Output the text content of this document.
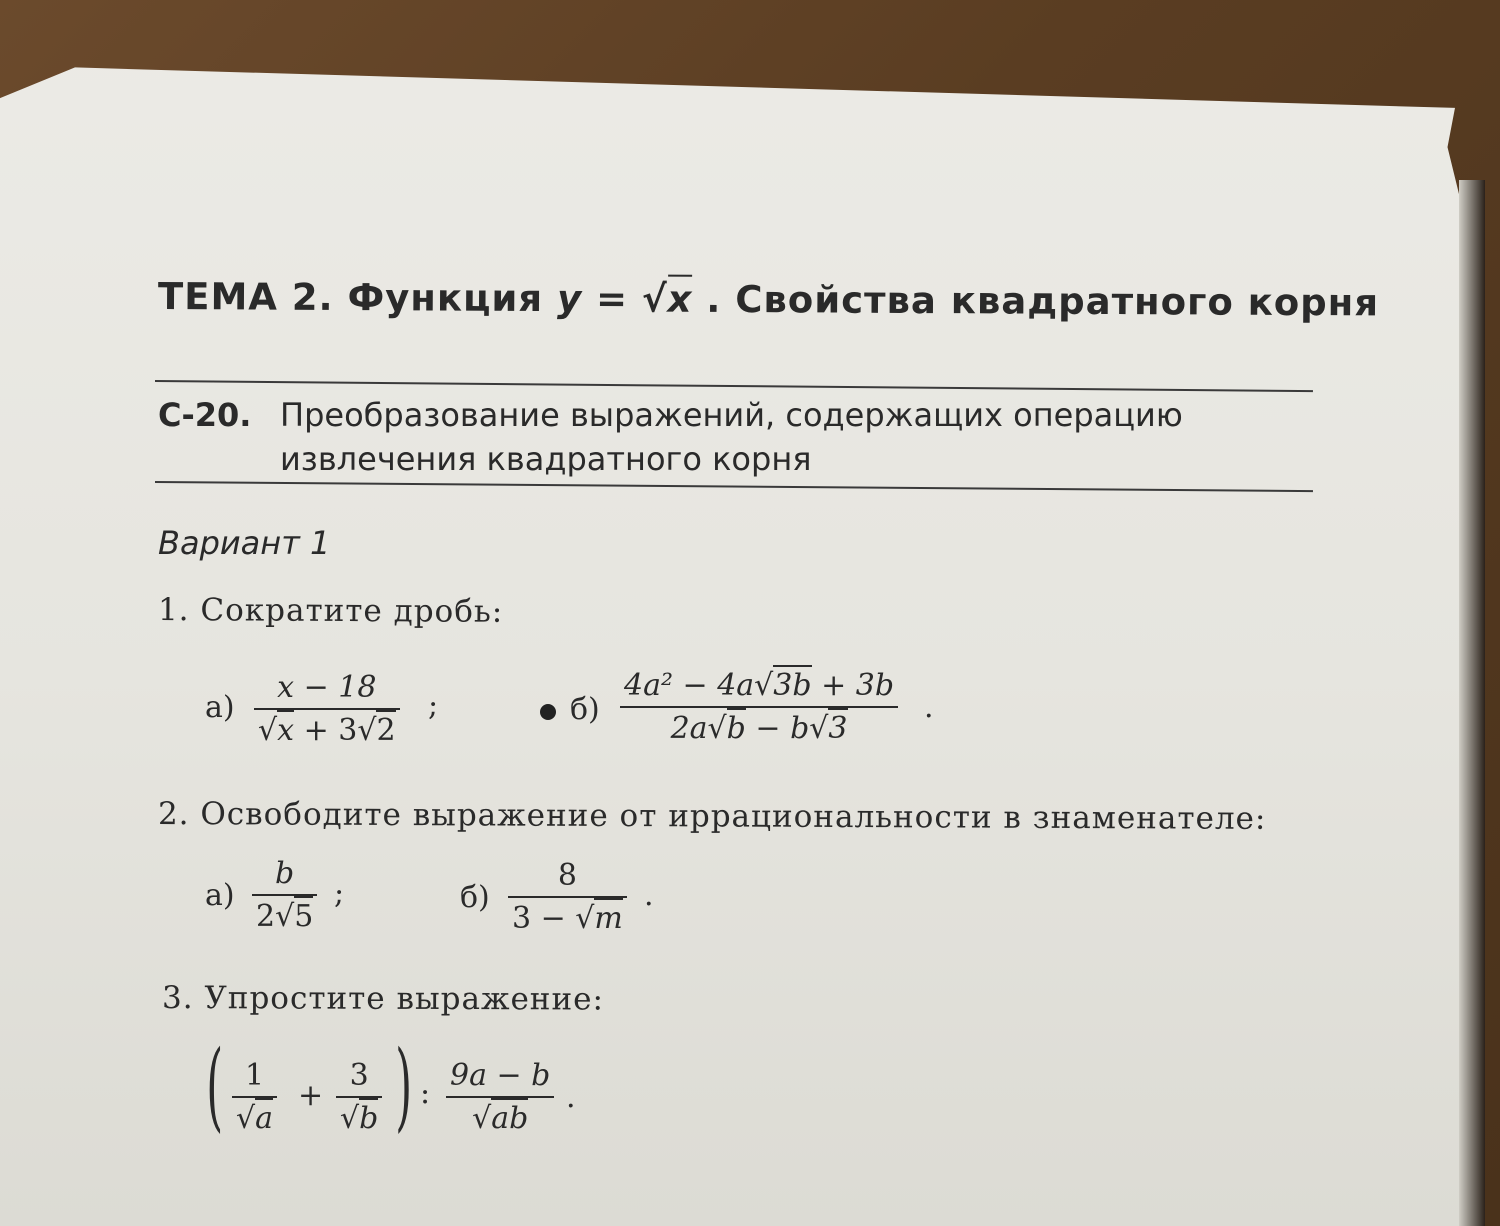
ТЕМА 2. Функция y = √x . Свойства квадратного корня
С-20. Преобразование выражений, содержащих операцию
извлечения квадратного корня
Вариант 1
1. Сократите дробь:
а)
x − 18
√x + 3√2
;	б)
4a² − 4a√3b + 3b
2a√b − b√3
.
2. Освободите выражение от иррациональности в знаменателе:
а)
b
2√5
;	б)
8
3 − √m
.
3. Упростите выражение:
( 1
√a
+
3
√b ) :
9a − b
√ab
.
